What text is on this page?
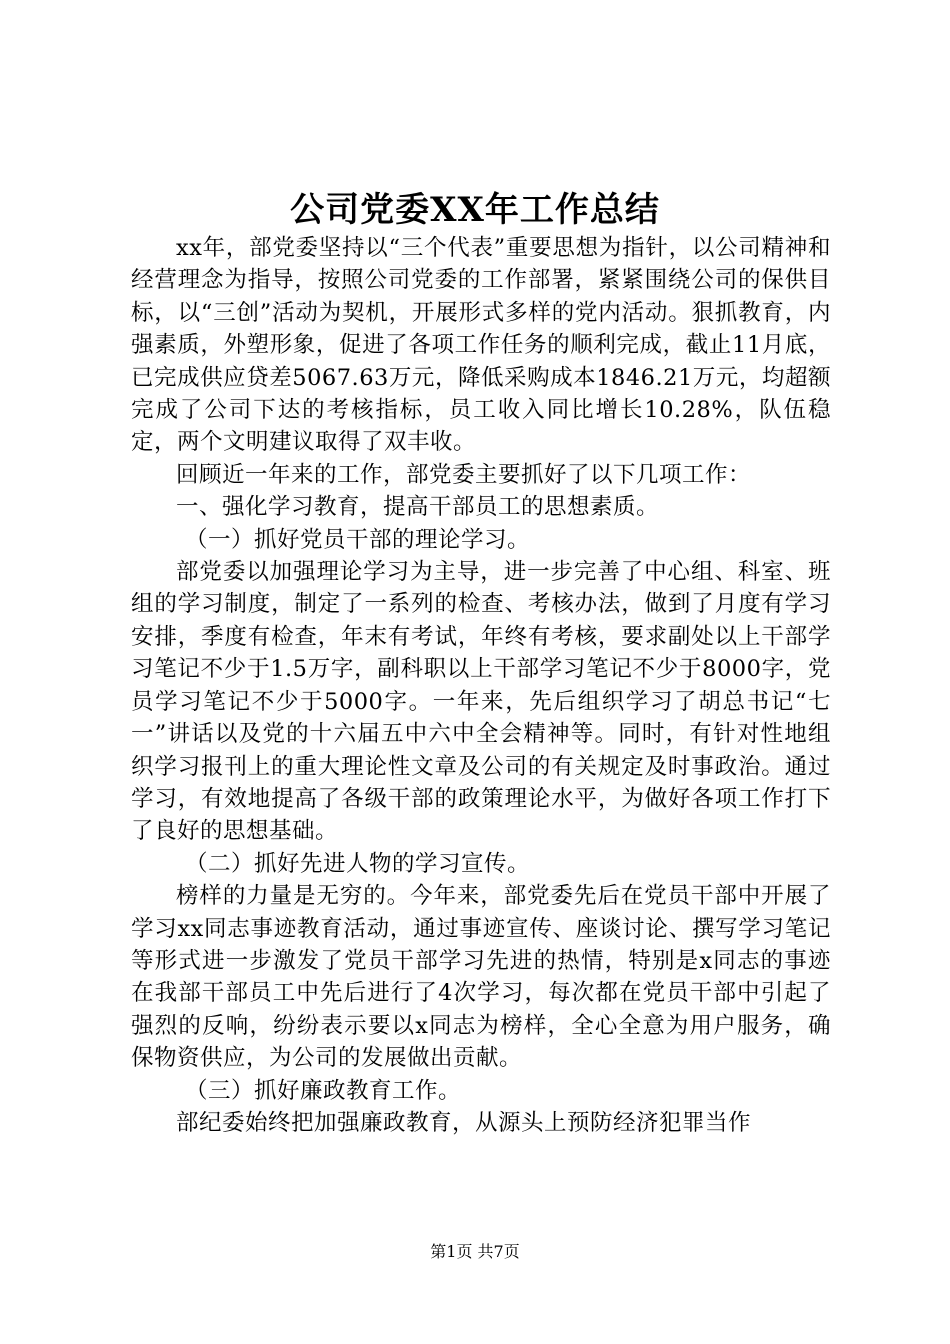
公司党委XX年工作总结

xx年，部党委坚持以“三个代表”重要思想为指针，以公司精神和经营理念为指导，按照公司党委的工作部署，紧紧围绕公司的保供目标，以“三创”活动为契机，开展形式多样的党内活动。狠抓教育，内强素质，外塑形象，促进了各项工作任务的顺利完成，截止11月底，已完成供应贷差5067.63万元，降低采购成本1846.21万元，均超额完成了公司下达的考核指标，员工收入同比增长10.28%，队伍稳定，两个文明建议取得了双丰收。

回顾近一年来的工作，部党委主要抓好了以下几项工作：

一、强化学习教育，提高干部员工的思想素质。

（一）抓好党员干部的理论学习。

部党委以加强理论学习为主导，进一步完善了中心组、科室、班组的学习制度，制定了一系列的检查、考核办法，做到了月度有学习安排，季度有检查，年末有考试，年终有考核，要求副处以上干部学习笔记不少于1.5万字，副科职以上干部学习笔记不少于8000字，党员学习笔记不少于5000字。一年来，先后组织学习了胡总书记“七一”讲话以及党的十六届五中六中全会精神等。同时，有针对性地组织学习报刊上的重大理论性文章及公司的有关规定及时事政治。通过学习，有效地提高了各级干部的政策理论水平，为做好各项工作打下了良好的思想基础。

（二）抓好先进人物的学习宣传。

榜样的力量是无穷的。今年来，部党委先后在党员干部中开展了学习xx同志事迹教育活动，通过事迹宣传、座谈讨论、撰写学习笔记等形式进一步激发了党员干部学习先进的热情，特别是x同志的事迹在我部干部员工中先后进行了4次学习，每次都在党员干部中引起了强烈的反响，纷纷表示要以x同志为榜样，全心全意为用户服务，确保物资供应，为公司的发展做出贡献。

（三）抓好廉政教育工作。

部纪委始终把加强廉政教育，从源头上预防经济犯罪当作

第1页 共7页
